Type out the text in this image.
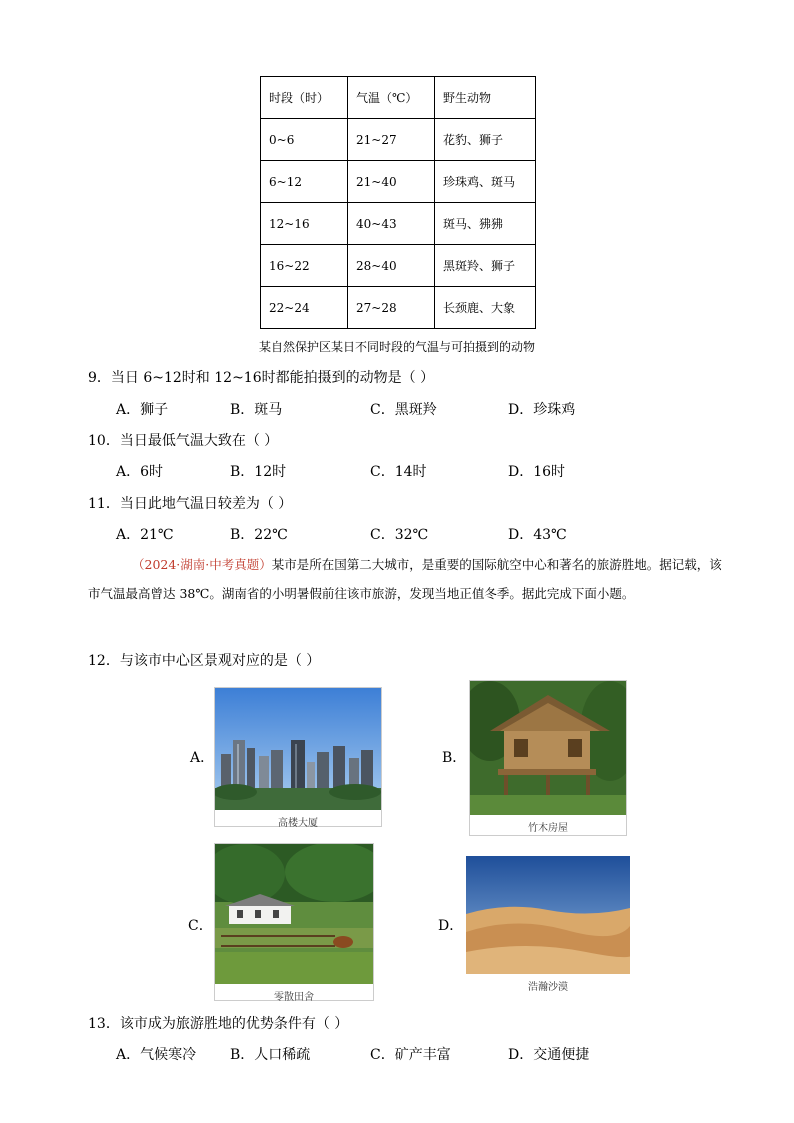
时段（时）	气温（℃）	野生动物
0~6	21~27	花豹、狮子
6~12	21~40	珍珠鸡、斑马
12~16	40~43	斑马、狒狒
16~22	28~40	黑斑羚、狮子
22~24	27~28	长颈鹿、大象
某自然保护区某日不同时段的气温与可拍摄到的动物
9．当日 6~12时和 12~16时都能拍摄到的动物是（ ）
A．狮子	B．斑马	C．黑斑羚	D．珍珠鸡
10．当日最低气温大致在（ ）
A．6时	B．12时	C．14时	D．16时
11．当日此地气温日较差为（ ）
A．21℃	B．22℃	C．32℃	D．43℃
（2024·湖南·中考真题）某市是所在国第二大城市，是重要的国际航空中心和著名的旅游胜地。据记载，该市气温最高曾达 38℃。湖南省的小明暑假前往该市旅游，发现当地正值冬季。据此完成下面小题。
12．与该市中心区景观对应的是（ ）
A．
高楼大厦
B．
竹木房屋
C．
零散田舍
D．
浩瀚沙漠
13．该市成为旅游胜地的优势条件有（ ）
A．气候寒冷 B．人口稀疏	C．矿产丰富	D．交通便捷
